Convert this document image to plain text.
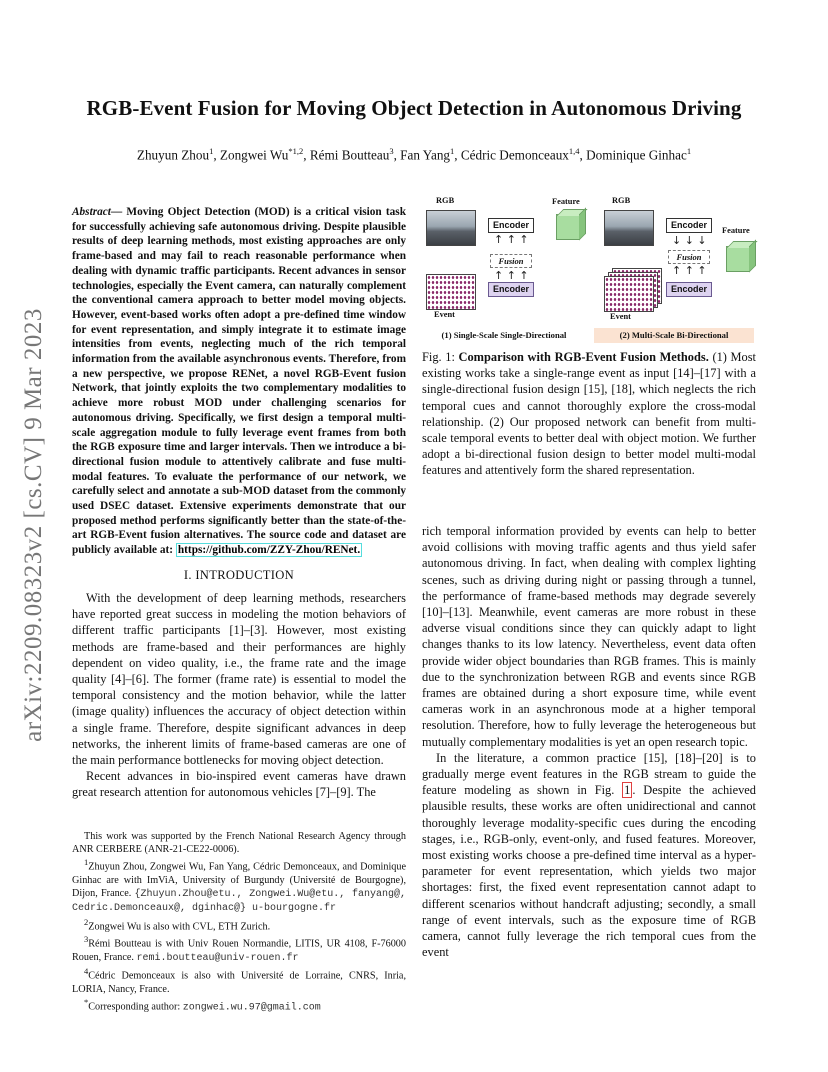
RGB-Event Fusion for Moving Object Detection in Autonomous Driving
Zhuyun Zhou$^1$, Zongwei Wu$^{*1,2}$, Rémi Boutteau$^3$, Fan Yang$^1$, Cédric Demonceaux$^{1,4}$, Dominique Ginhac$^1$
arXiv:2209.08323v2 [cs.CV] 9 Mar 2023
Abstract— Moving Object Detection (MOD) is a critical vision task for successfully achieving safe autonomous driving. Despite plausible results of deep learning methods, most existing approaches are only frame-based and may fail to reach reasonable performance when dealing with dynamic traffic participants. Recent advances in sensor technologies, especially the Event camera, can naturally complement the conventional camera approach to better model moving objects. However, event-based works often adopt a pre-defined time window for event representation, and simply integrate it to estimate image intensities from events, neglecting much of the rich temporal information from the available asynchronous events. Therefore, from a new perspective, we propose RENet, a novel RGB-Event fusion Network, that jointly exploits the two complementary modalities to achieve more robust MOD under challenging scenarios for autonomous driving. Specifically, we first design a temporal multi-scale aggregation module to fully leverage event frames from both the RGB exposure time and larger intervals. Then we introduce a bi-directional fusion module to attentively calibrate and fuse multi-modal features. To evaluate the performance of our network, we carefully select and annotate a sub-MOD dataset from the commonly used DSEC dataset. Extensive experiments demonstrate that our proposed method performs significantly better than the state-of-the-art RGB-Event fusion alternatives. The source code and dataset are publicly available at: https://github.com/ZZY-Zhou/RENet.
I. INTRODUCTION

With the development of deep learning methods, researchers have reported great success in modeling the motion behaviors of different traffic participants [1]–[3]. However, most existing methods are frame-based and their performances are highly dependent on video quality, i.e., the frame rate and the image quality [4]–[6]. The former (frame rate) is essential to model the temporal consistency and the motion behavior, while the latter (image quality) influences the accuracy of object detection within a single frame. Therefore, despite significant advances in deep networks, the inherent limits of frame-based cameras are one of the main performance bottlenecks for moving object detection.

Recent advances in bio-inspired event cameras have drawn great research attention for autonomous vehicles [7]–[9]. The

This work was supported by the French National Research Agency through ANR CERBERE (ANR-21-CE22-0006).

$^1$Zhuyun Zhou, Zongwei Wu, Fan Yang, Cédric Demonceaux, and Dominique Ginhac are with ImViA, University of Burgundy (Université de Bourgogne), Dijon, France. {Zhuyun.Zhou@etu., Zongwei.Wu@etu., fanyang@, Cedric.Demonceaux@, dginhac@} u-bourgogne.fr

$^2$Zongwei Wu is also with CVL, ETH Zurich.

$^3$Rémi Boutteau is with Univ Rouen Normandie, LITIS, UR 4108, F-76000 Rouen, France. remi.boutteau@univ-rouen.fr

$^4$Cédric Demonceaux is also with Université de Lorraine, CNRS, Inria, LORIA, Nancy, France.

*Corresponding author: zongwei.wu.97@gmail.com

RGB
Encoder
↑ ↑ ↑
Fusion
↑ ↑ ↑
Encoder
Event
Feature
(1) Single-Scale Single-Directional
RGB
Encoder
↓ ↓ ↓
Fusion
↑ ↑ ↑
Encoder
Event
Feature
(2) Multi-Scale Bi-Directional
Fig. 1: Comparison with RGB-Event Fusion Methods. (1) Most existing works take a single-range event as input [14]–[17] with a single-directional fusion design [15], [18], which neglects the rich temporal cues and cannot thoroughly explore the cross-modal relationship. (2) Our proposed network can benefit from multi-scale temporal events to better deal with object motion. We further adopt a bi-directional fusion design to better model multi-modal features and attentively form the shared representation.

rich temporal information provided by events can help to better avoid collisions with moving traffic agents and thus yield safer autonomous driving. In fact, when dealing with complex lighting scenes, such as driving during night or passing through a tunnel, the performance of frame-based methods may degrade severely [10]–[13]. Meanwhile, event cameras are more robust in these adverse visual conditions since they can quickly adapt to light changes thanks to its low latency. Nevertheless, event data often provide wider object boundaries than RGB frames. This is mainly due to the synchronization between RGB and events since RGB frames are obtained during a short exposure time, while event cameras work in an asynchronous mode at a higher temporal resolution. Therefore, how to fully leverage the heterogeneous but mutually complementary modalities is yet an open research topic.

In the literature, a common practice [15], [18]–[20] is to gradually merge event features in the RGB stream to guide the feature modeling as shown in Fig. 1 . Despite the achieved plausible results, these works are often unidirectional and cannot thoroughly leverage modality-specific cues during the encoding stages, i.e., RGB-only, event-only, and fused features. Moreover, most existing works choose a pre-defined time interval as a hyper-parameter for event representation, which yields two major shortages: first, the fixed event representation cannot adapt to different scenarios without handcraft adjusting; secondly, a small range of event intervals, such as the exposure time of RGB camera, cannot fully leverage the rich temporal cues from the event
